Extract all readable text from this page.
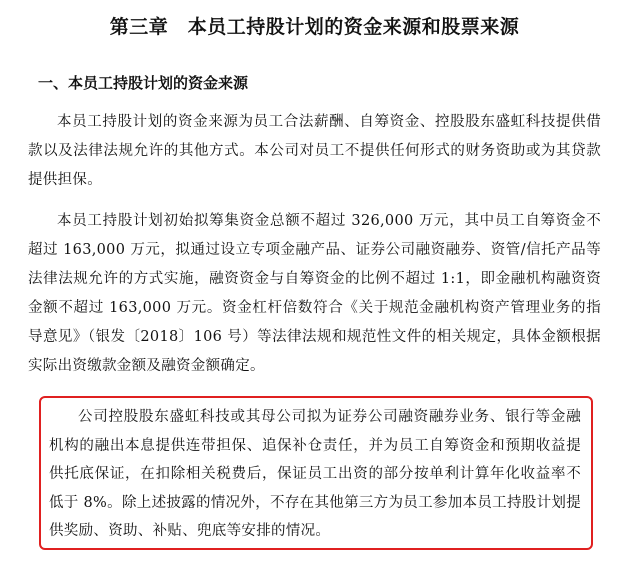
第三章　本员工持股计划的资金来源和股票来源
一、本员工持股计划的资金来源

本员工持股计划的资金来源为员工合法薪酬、自筹资金、控股股东盛虹科技提供借款以及法律法规允许的其他方式。本公司对员工不提供任何形式的财务资助或为其贷款提供担保。

本员工持股计划初始拟筹集资金总额不超过 326,000 万元，其中员工自筹资金不超过 163,000 万元，拟通过设立专项金融产品、证券公司融资融券、资管/信托产品等法律法规允许的方式实施，融资资金与自筹资金的比例不超过 1:1，即金融机构融资资金额不超过 163,000 万元。资金杠杆倍数符合《关于规范金融机构资产管理业务的指导意见》（银发〔2018〕106 号）等法律法规和规范性文件的相关规定，具体金额根据实际出资缴款金额及融资金额确定。

公司控股股东盛虹科技或其母公司拟为证券公司融资融券业务、银行等金融机构的融出本息提供连带担保、追保补仓责任，并为员工自筹资金和预期收益提供托底保证，在扣除相关税费后，保证员工出资的部分按单利计算年化收益率不低于 8%。除上述披露的情况外，不存在其他第三方为员工参加本员工持股计划提供奖励、资助、补贴、兜底等安排的情况。
